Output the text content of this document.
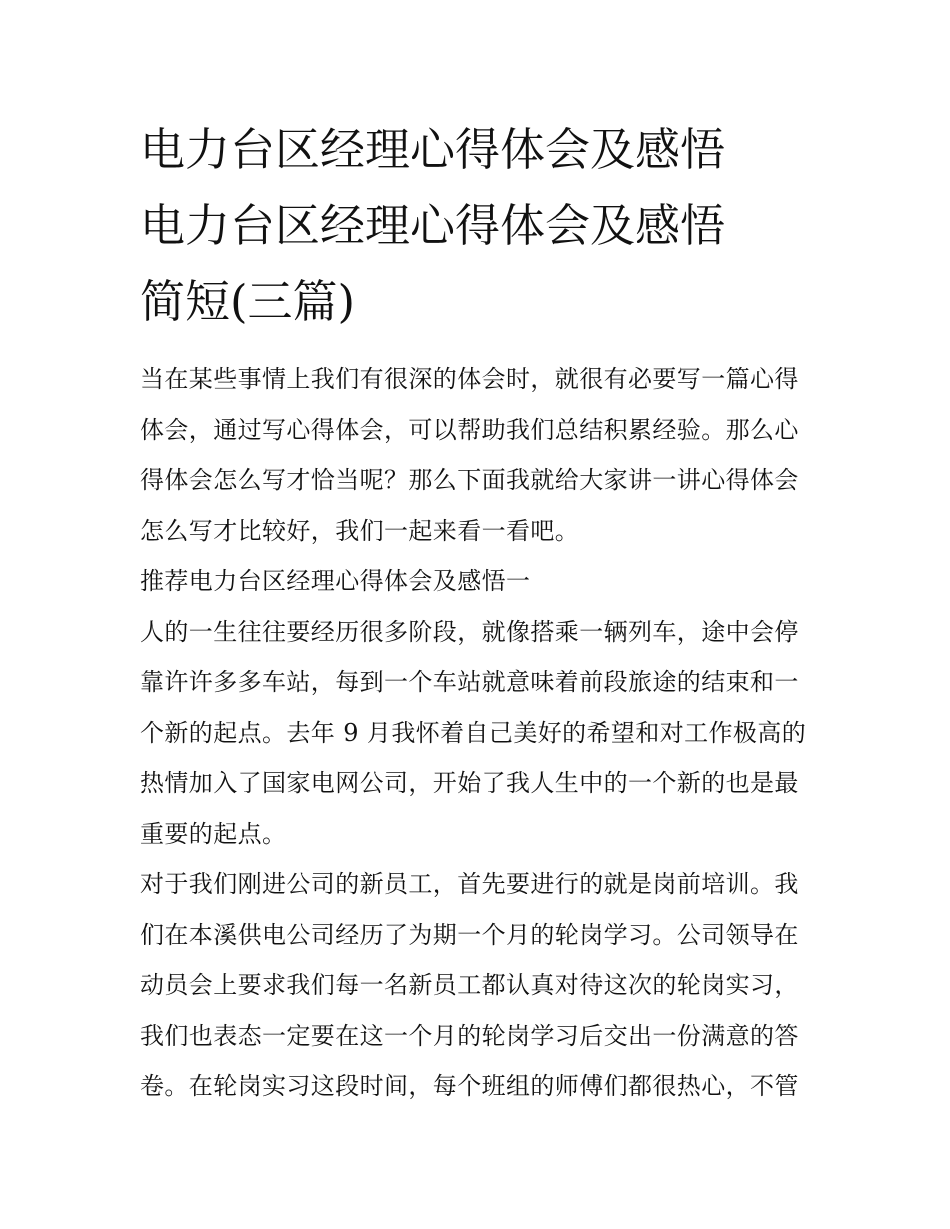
电力台区经理心得体会及感悟
电力台区经理心得体会及感悟
简短(三篇)

当在某些事情上我们有很深的体会时，就很有必要写一篇心得
体会，通过写心得体会，可以帮助我们总结积累经验。那么心
得体会怎么写才恰当呢？那么下面我就给大家讲一讲心得体会
怎么写才比较好，我们一起来看一看吧。

推荐电力台区经理心得体会及感悟一

人的一生往往要经历很多阶段，就像搭乘一辆列车，途中会停
靠许许多多车站，每到一个车站就意味着前段旅途的结束和一
个新的起点。去年 9 月我怀着自己美好的希望和对工作极高的
热情加入了国家电网公司，开始了我人生中的一个新的也是最
重要的起点。

对于我们刚进公司的新员工，首先要进行的就是岗前培训。我
们在本溪供电公司经历了为期一个月的轮岗学习。公司领导在
动员会上要求我们每一名新员工都认真对待这次的轮岗实习，
我们也表态一定要在这一个月的轮岗学习后交出一份满意的答
卷。在轮岗实习这段时间，每个班组的师傅们都很热心，不管
